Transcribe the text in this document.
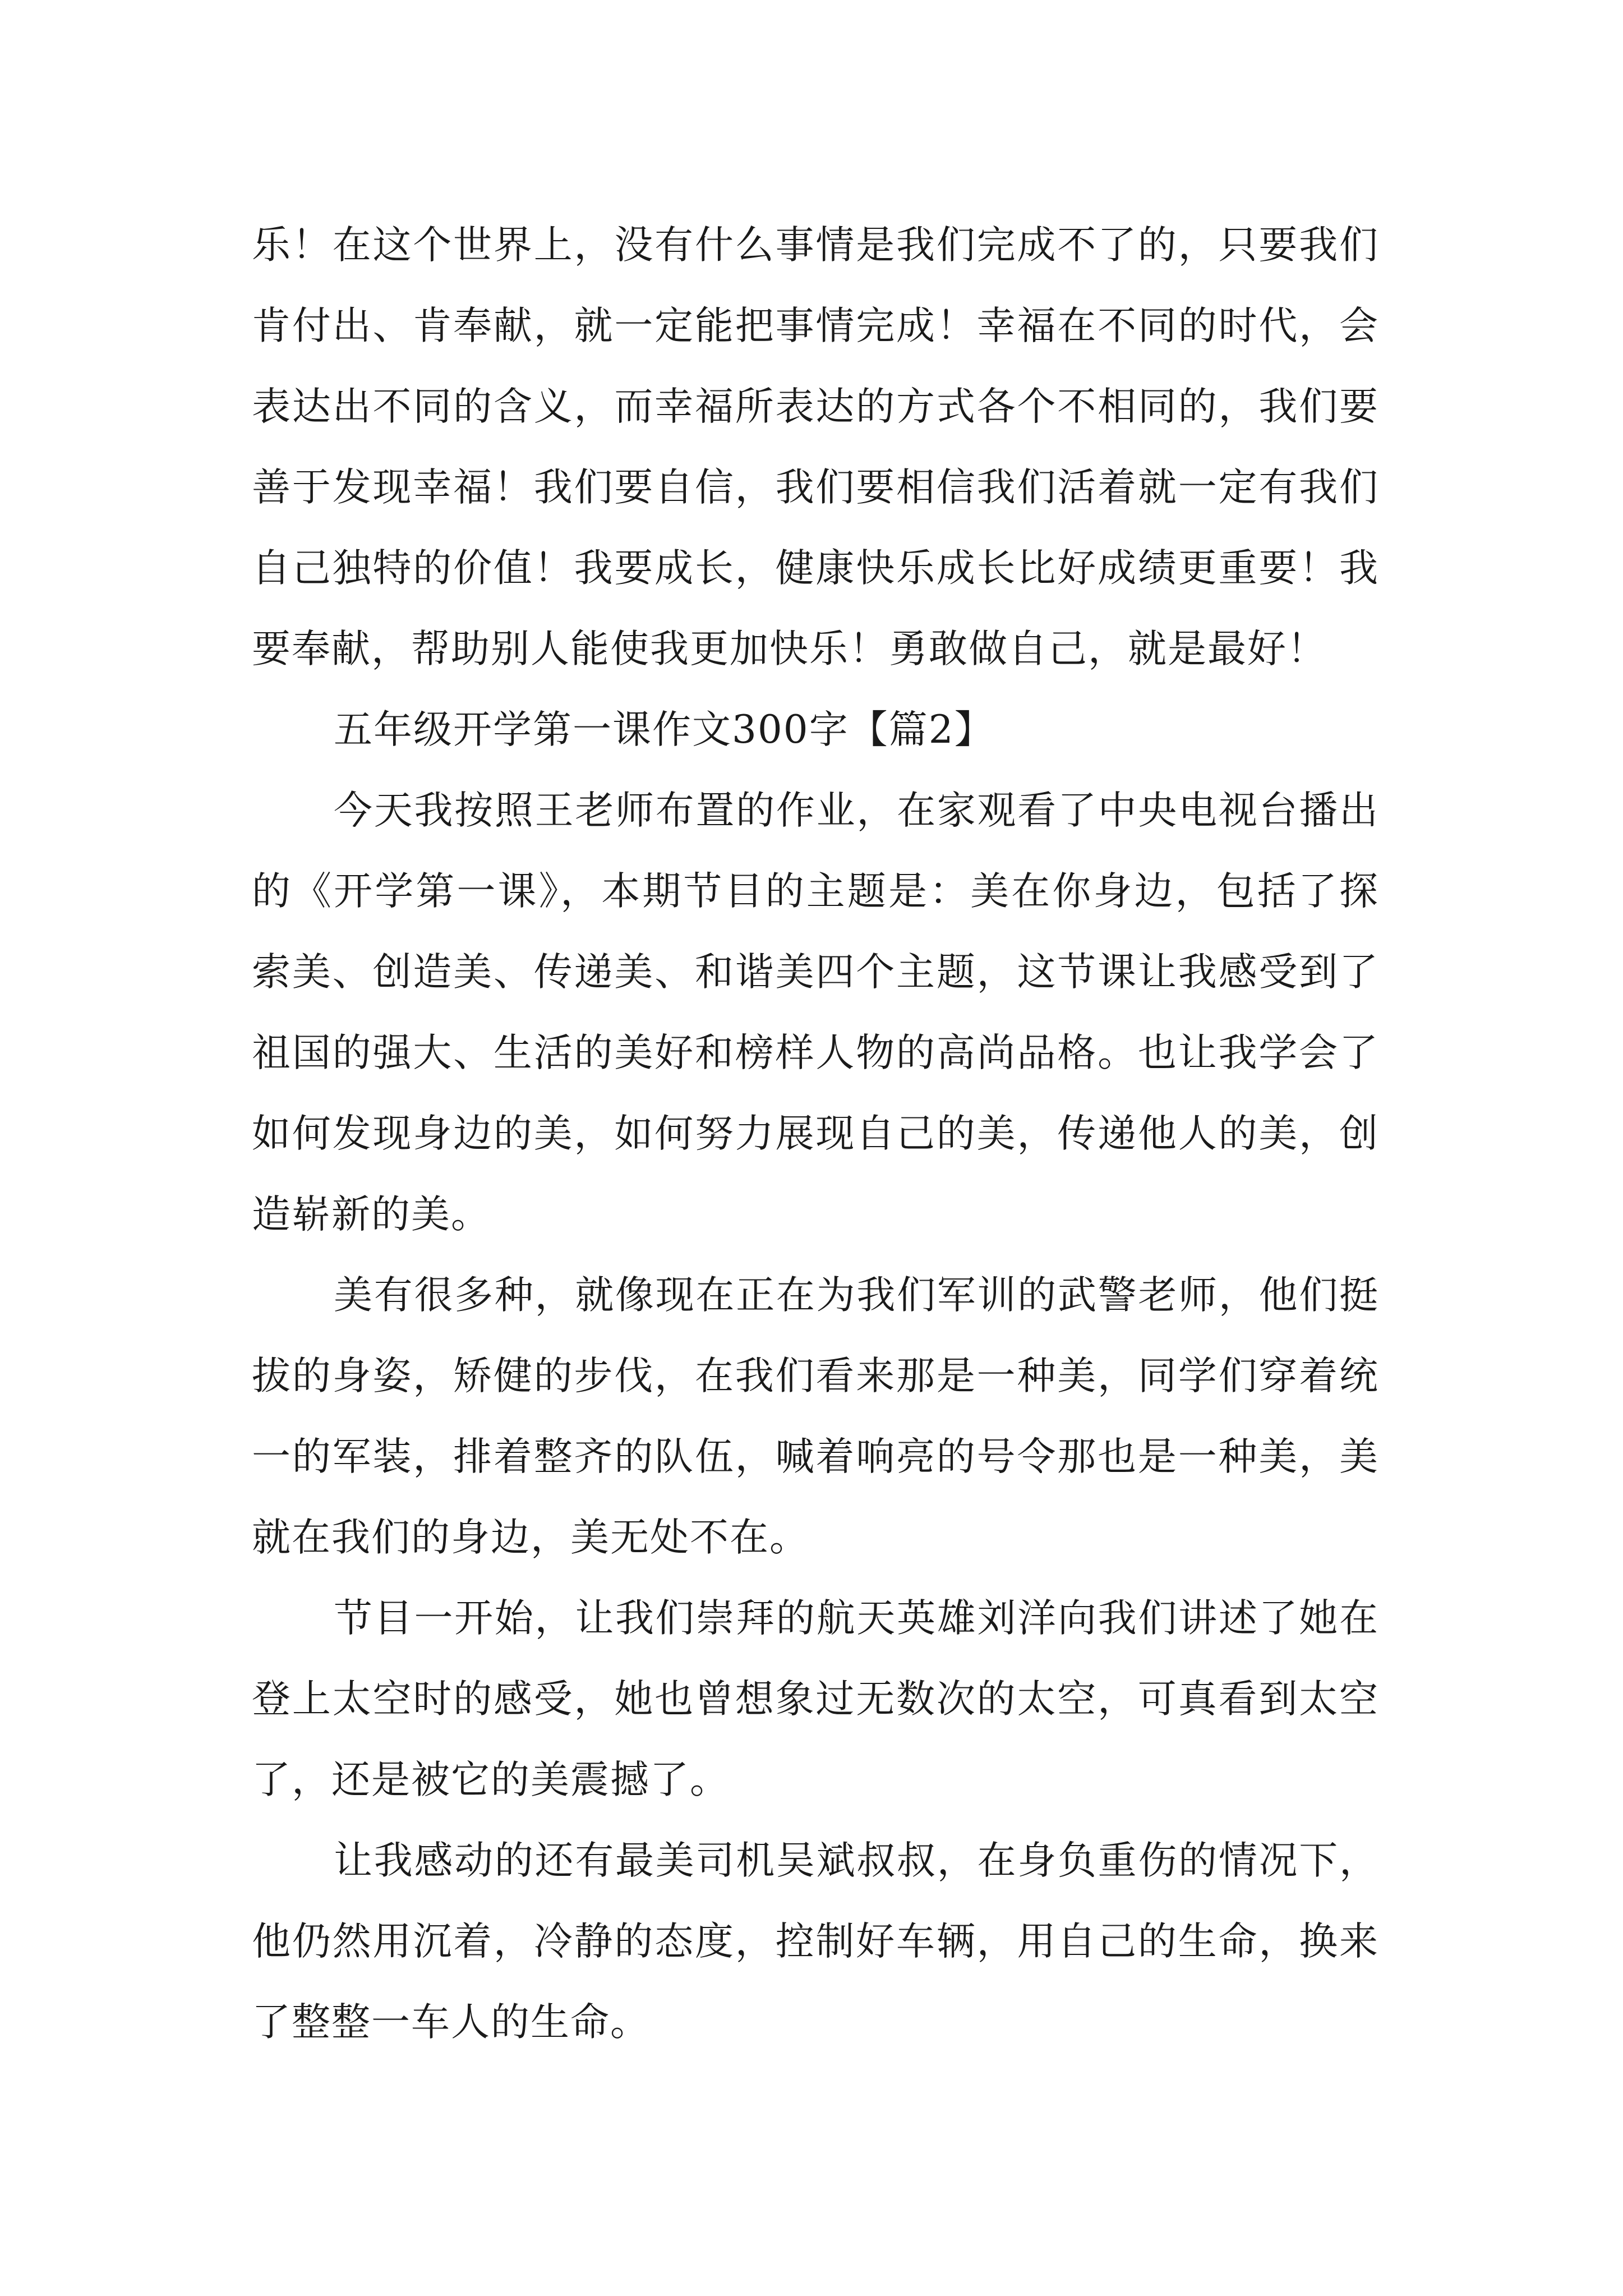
乐！在这个世界上，没有什么事情是我们完成不了的，只要我们肯付出、肯奉献，就一定能把事情完成！幸福在不同的时代，会表达出不同的含义，而幸福所表达的方式各个不相同的，我们要善于发现幸福！我们要自信，我们要相信我们活着就一定有我们自己独特的价值！我要成长，健康快乐成长比好成绩更重要！我要奉献，帮助别人能使我更加快乐！勇敢做自己，就是最好！

五年级开学第一课作文300字【篇2】

今天我按照王老师布置的作业，在家观看了中央电视台播出的《开学第一课》，本期节目的主题是：美在你身边，包括了探索美、创造美、传递美、和谐美四个主题，这节课让我感受到了祖国的强大、生活的美好和榜样人物的高尚品格。也让我学会了如何发现身边的美，如何努力展现自己的美，传递他人的美，创造崭新的美。

美有很多种，就像现在正在为我们军训的武警老师，他们挺拔的身姿，矫健的步伐，在我们看来那是一种美，同学们穿着统一的军装，排着整齐的队伍，喊着响亮的号令那也是一种美，美就在我们的身边，美无处不在。

节目一开始，让我们崇拜的航天英雄刘洋向我们讲述了她在登上太空时的感受，她也曾想象过无数次的太空，可真看到太空了，还是被它的美震撼了。

让我感动的还有最美司机吴斌叔叔，在身负重伤的情况下，他仍然用沉着，冷静的态度，控制好车辆，用自己的生命，换来了整整一车人的生命。
